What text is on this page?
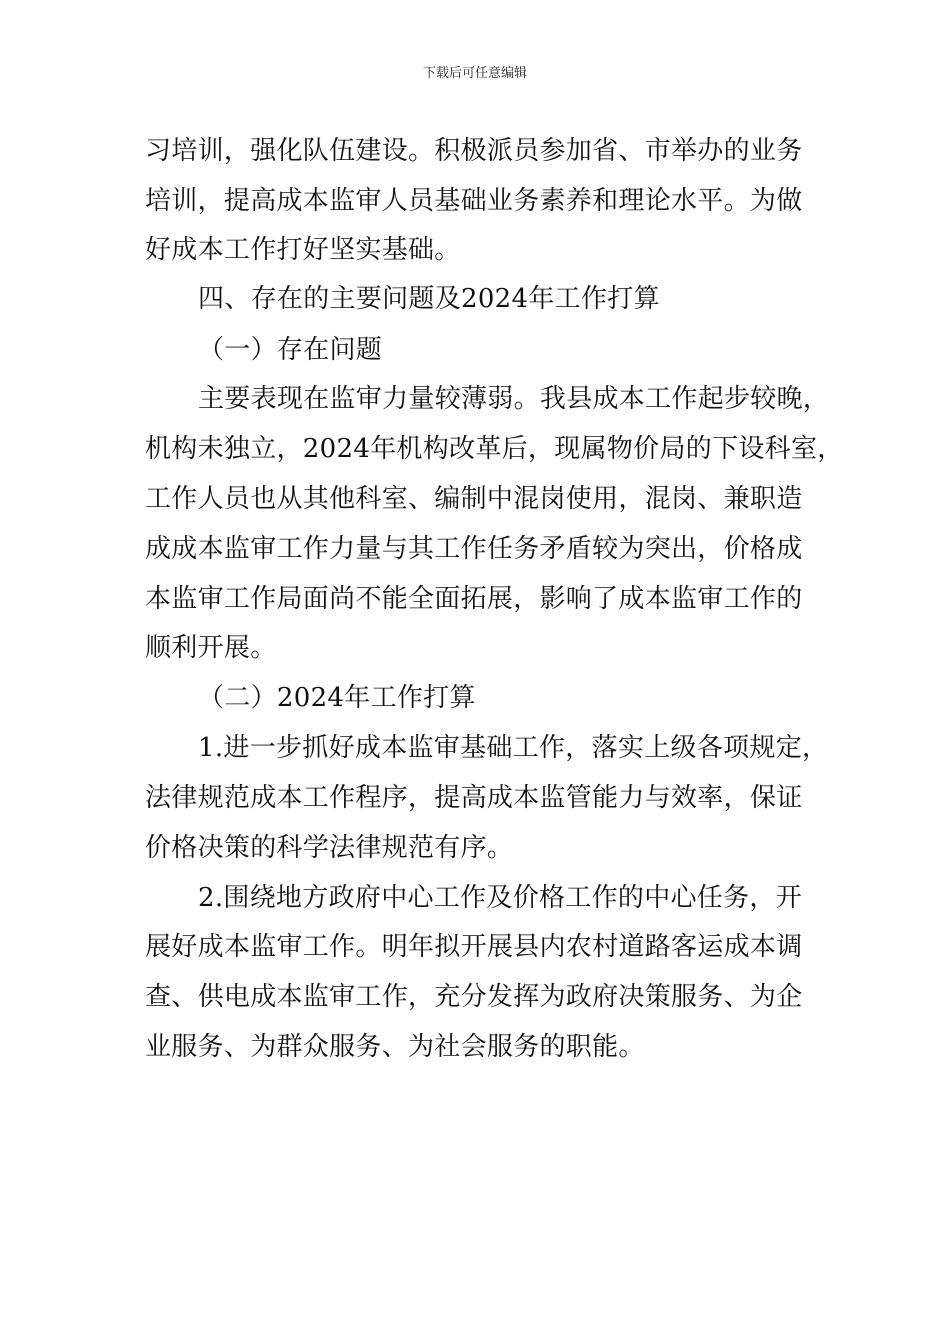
下载后可任意编辑
习培训，强化队伍建设。积极派员参加省、市举办的业务
培训，提高成本监审人员基础业务素养和理论水平。为做
好成本工作打好坚实基础。
四、存在的主要问题及2024年工作打算
（一）存在问题
主要表现在监审力量较薄弱。我县成本工作起步较晚，
机构未独立，2024年机构改革后，现属物价局的下设科室，
工作人员也从其他科室、编制中混岗使用，混岗、兼职造
成成本监审工作力量与其工作任务矛盾较为突出，价格成
本监审工作局面尚不能全面拓展，影响了成本监审工作的
顺利开展。
（二）2024年工作打算
1.进一步抓好成本监审基础工作，落实上级各项规定，
法律规范成本工作程序，提高成本监管能力与效率，保证
价格决策的科学法律规范有序。
2.围绕地方政府中心工作及价格工作的中心任务，开
展好成本监审工作。明年拟开展县内农村道路客运成本调
查、供电成本监审工作，充分发挥为政府决策服务、为企
业服务、为群众服务、为社会服务的职能。
